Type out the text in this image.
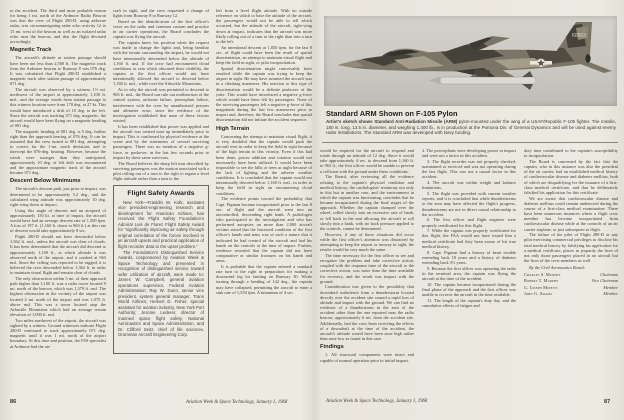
to the accident. The third and most probable reason for being 1 mi. north of the Ardmore Radio Beacon was that the crew of Flight 280-D, using airborne radar, was circumnavigating radar echo activity 12 to 15 mi. west of the beacon as well as an isolated radar echo near the beacon, and that the flight deviated accordingly.
Magnetic Track
The aircraft's altitude at station passage should have been not less than 2,500 ft. The magnetic track from the Ardmore beacon to Runway 8 was 076 deg. It was calculated that Flight 280-D established a magnetic track after station passage of approximately 071 deg.
The aircraft was observed by a witness 1½ mi. northwest of the airport at approximately 1,100 ft. msl., and the average winds from station passage to this witness location were from 170 deg. at 27 kt. This would have introduced a drift of 10 deg. to the left. Since the aircraft was tracking 071 deg. magnetic, the aircraft would have been flying on a magnetic heading of 081 deg.
The magnetic heading of 081 deg. is 5 deg. further right than the approach bearing of 076 deg. It can be assumed that the crew turned to 081 deg. attempting to correct for the 1-mi. north deviation, and to intercept the 076-deg. bearing. However, because the winds were stronger than they anticipated, approximately 10 deg. of left drift was encountered and the approximate magnetic track of the aircraft became 071 deg.
Descent Below Minimums
The aircraft's descent path, just prior to impact, was determined to be approximately 5.2 deg., and the calculated wing attitude was approximately 10 deg. right-wing down at impact.
Using this angle of descent and an airspeed of approximately 150 kt. at time of impact, the aircraft would have had an average descent rate of 1,500 fpm. A loss of 197 ft. (1,160 ft. down to 963 ft.) at this rate of descent would take approximately 8 sec.
Flight 280-D should not have descended below 1,362 ft. msl., unless the aircraft was clear of clouds. It has been determined that the aircraft did descend to approximately 1,160 ft., at which altitude it was observed north of the airport, and it crashed at 963 msl. Since the ceiling was reported to be ragged, it is believed the crew descended below 1,362 ft. in order to maintain visual flight and remain clear of clouds.
The only obstruction within 5 mi. of their approach path higher than 1,160 ft. was a radio tower located 9 mi. north of the beacon, which was 1,379 ft. msl. The highest obstruction in the vicinity of the airport was located 2 mi. north of the airport and was 1,075 ft. above msl. This was a tower located atop the Arbuckle Mountains which had an average terrain elevation of 1,000 ft. msl.
Two miles northwest of the airport, the aircraft was sighted by a witness. Ground witnesses indicate Flight 280-D continued to track approximately 071 deg. magnetic until it was 1 mi. north of the airport boundary. At this time and position, the FSS specialist at Ardmore had the air-
craft in sight, and the crew requested a change of lights from Runway 8 to Runway 12.
Based on the identification of the first officer's voice on the radio and common custom and practice in air carrier operations, the Board concludes the captain was flying the aircraft.
The captain knew his position when the request was made to change the lights and, being familiar with the terrain surrounding the airport, he would not have intentionally descended below the altitude of 1,160 ft. msl. If the crew had encountered cloud conditions or rain which obscured their visibility, the captain or the first officer would not have intentionally allowed the aircraft to descend below 1,160 ft. msl., while over the Arbuckle Mountains.
As to why the aircraft was permitted to descend to 963 ft. msl., the Board can rule out malfunction of the control system, airframe failure, powerplant failure, interference with the crew by unauthorized persons and altimeter error, since the evidence of the investigation established that none of these factors existed.
It has been established that power was applied and the aircraft was rotated nose up immediately prior to impact. This is confirmed by physical evidence at the scene and by the statements of several surviving passengers. There was no mention of a negative g-force, or pushover, in the last few seconds prior to impact by these same survivors.
The Board believes the sharp left turn described by surviving passengers was the motion associated with a pilot rolling out of a turn to the right to regain a level flight attitude rather than a turn to the
Flight Safety Awards
New York—Franklin W. Kolk, assistant vice president-engineering research and development for American Airlines, has received the Flight Safety Foundation's Admiral Luis de Florez Flight Safety Award for “significantly improving air safety through original correlation of the forces involved in jet aircraft upsets and practical application of flight recorder data to the upset problem.”
The Foundation's Distinguished Service Awards, cosponsored by Aviation Week & Space Technology and presented in recognition of distinguished service toward safer utilization of aircraft, were made to: James W. Campbell, general aviation operations supervisor, Federal Aviation Administration; Ray W. Dunn, senior vice president, system general manager, Trans World Airlines; Herbert D. Fisher, special assistant for aviation industry, New York Port Authority; Jerome Lederer, director of manned space flight safety, National Aeronautics and Space Administration, and Dr. Clifford Seitz, chief of life sciences, Grumman Aircraft Engineering Corp.
left from a level flight attitude. With no outside reference on which to base the attitude of the aircraft, the passengers would not be able to tell which occurred, but the attitude of the aircraft, right-wing down at impact, indicates that the aircraft was more likely rolling out of a turn to the right than into a turn to the left.
An intentional descent at 1,050 fpm. for the last 8 sec. of flight could have been the result of spatial disorientation, an attempt to maintain visual flight and keep the field in sight, or pilot incapacitation.
Spatial disorientation might conceivably have resulted while the captain was trying to keep the airport in sight. He may have assumed the aircraft was in a climbing maneuver. His reaction to this type of disorientation would be a definite pushover of the yoke. This would have introduced a negative g-force which would have been felt by passengers. None of the surviving passengers felt a negative g-force of this magnitude during the last few maneuvers prior to impact and, therefore, the Board concludes that spatial disorientation did not initiate the accident sequence.
High Terrain
Concerning the attempt to maintain visual flight, it is very doubtful that the captain would push the aircraft over in order to keep the field in sight because of the high terrain in this vicinity. Even if this had been done, power addition and rotation would not necessarily have been utilized. It would have been impossible to see the hills or trees at night because of the lack of lighting and the adverse weather conditions. It is concluded that the captain would not intentionally descend below 1,160 ft. msl., in order to keep the field in sight on encountering cloud conditions.
The evidence points toward the probability that Capt. Pigman became incapacitated prior to the last 8 sec. of flight and the aircraft went into an uncontrolled, descending right bank. A pathologist who participated in the investigation and who has performed autopsies on more than 2,000 aircraft victims stated that the fractured condition of the first officer's hands and arms was of such a nature that it indicated he had control of the aircraft and had his hands on the controls at the time of impact. Further, evidence revealed that the captain did not have comparative or similar fractures on his hands and arms.
It is probable that the captain entered a standard rate turn to the right in preparation for making a downwind leg for landing on Runway 30. While turning through a heading of 142 deg., the captain may have collapsed, permitting the aircraft to enter a sink rate of 1,550 fpm. A minimum of 4 sec.
60863
Standard ARM Shown on F-105 Pylon
Artist's sketch shows Standard Anti-Radiation Missile (ARM) pylon-mounted under the wing of a USAF/Republic F-105 fighter. The missile, 180 in. long, 13.5 in. diameter, and weighing 1,400 lb., is in production at the Pomona Div. of General Dynamics and will be used against enemy radar installations. The Standard ARM was developed with Navy funding.
would be required for the aircraft to respond and rotate through an attitude of 12 deg. Since it would take approximately 4 sec. to descend from 1,160 ft. to 963 ft., the first officer would be unable to prevent a collision with the ground under these conditions.
The Board, after reviewing all the evidence relating to the captain's physical condition and medical history, the cardiologists' testimony not only in this but in another case, and the environment in which the captain was functioning, concludes that he became incapacitated during the final stages of the approach. Whether the captain slumped over the wheel, rolled slowly into an excessive rate of bank, or fell back in the seat allowing the aircraft to roll slowly into a bank, with no back pressure applied to the controls, cannot be determined.
However, if any of these situations did occur while the first officer's attention was distracted by attempting to keep the airport or runway in sight, the results would be very much the same.
The time necessary for the first officer to see and recognize the problem and take corrective action, coupled with the response time of the aircraft to the corrective action, was more than the time available for recovery, and the result was impact with the ground.
Consideration was given to the possibility that downdraft turbulence from a thunderstorm located directly over the accident site caused a rapid loss of altitude and impact with the ground. We can find no evidence of a thunderstorm in the area of the accident other than the one reported near the radio beacon, approximately 6 mi. from the accident site. Additionally, had the crew been receiving the effects of a downdraft at the time of the accident, the aircraft's attitude would have been nose high rather than nose low as found in this case.
Findings
1. All structural components were intact and capable of normal operation prior to initial impact.
2. The powerplants were developing power at impact and were not a factor in this accident.
3. The flight recorder was not properly checked, maintained or serviced and was not operating during the last flight. This was not a causal factor in this accident.
4. The aircraft was within weight and balance limitations.
5. The flight was provided with current weather reports, and it is concluded that while thunderstorms in the area may have affected the flight's progress, thunderstorms are not in direct causal relationship to the accident.
6. The first officer and flight engineer were properly certificated for this flight.
7. While the captain was properly certificated for this flight, the FAA would not have issued him a medical certificate had they been aware of his true medical history.
8. Capt. Pigman had a history of heart trouble extending back 18 years and a history of diabetes extending back 3½ years.
9. Because the first officer was operating the radio in the terminal area, the captain was flying the aircraft at the time of the accident.
10. The captain became incapacitated during the final phase of the approach and the first officer was unable to recover the aircraft in the time available.
11. The length of the captain's duty day, and the cumulative effects of fatigue and
duty time contributed to the captain's susceptibility to incapacitation.
The Board is concerned by the fact that the captain, who in this instance was also the president of the air carrier, had an established medical history of cardiovascular disease and diabetes mellitus, both of which are disqualifying for the issuance of a first-class medical certificate, and that he deliberately falsified his application for this certificate.
We are aware that cardiovascular disease and diabetes mellitus could remain undetected during the course of a first-class medical examination. There have been numerous instances where a flight crew member has become incapacitated from cardiovascular disease while at the controls of an air carrier airplane, or just subsequent to flight.
The failure of the pilot of Flight 280-D or any pilot exercising commercial privileges to disclose his total medical history by falsifying his application for a medical certificate, places in jeopardy the lives of not only those passengers placed in an aircraft but the lives of the crew members as well.
By the Civil Aeronautics Board:
Charles S. Murphy	Chairman
Robert T. Murphy	Vice Chairman
G. Joseph Minetti	Member
John G. Adams	Member
86	Aviation Week & Space Technology, January 1, 1968	Aviation Week & Space Technology, January 1, 1968	87
